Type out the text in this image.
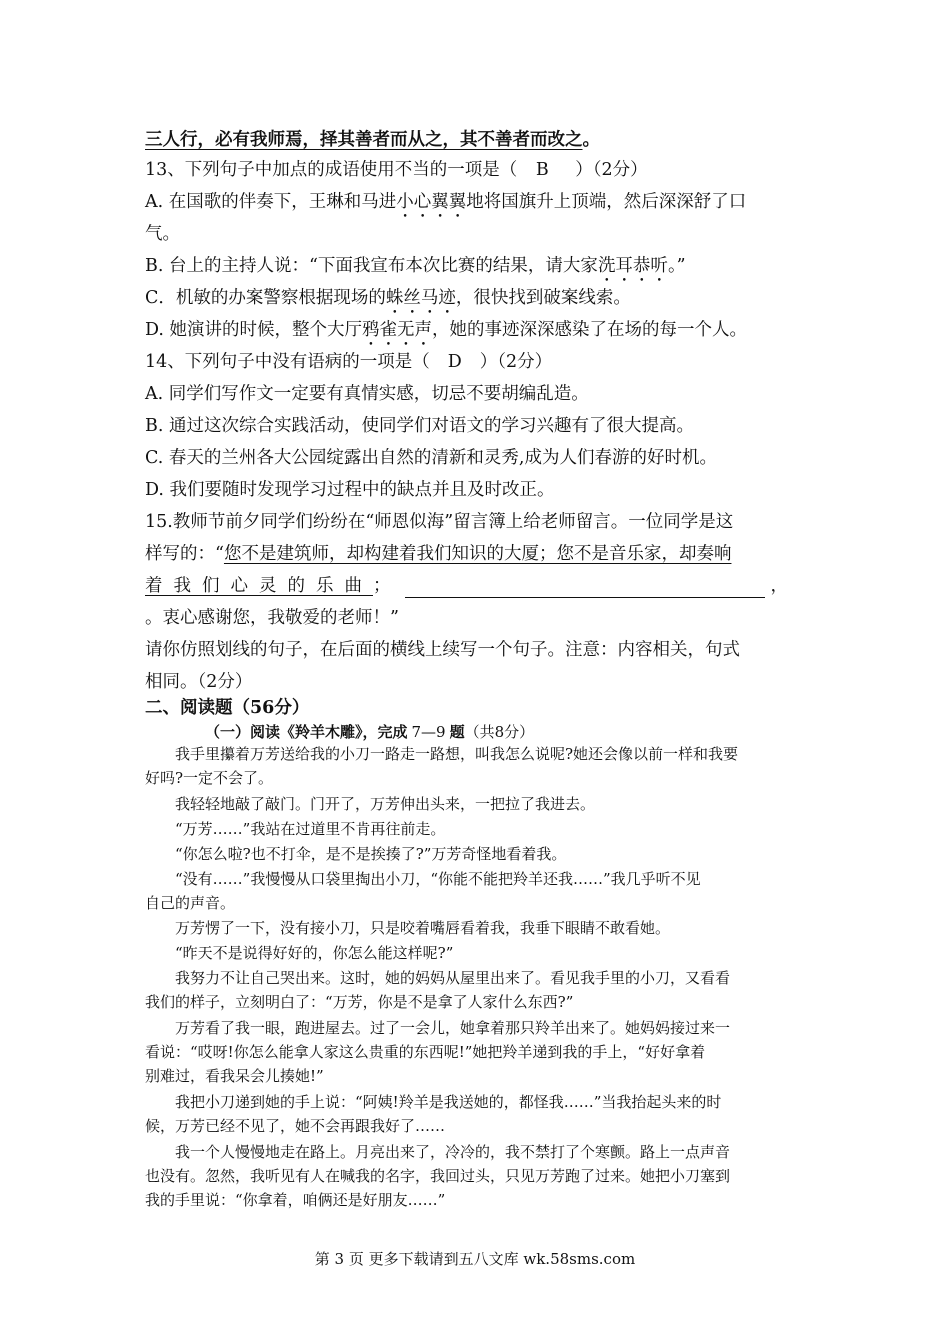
三人行，必有我师焉，择其善者而从之，其不善者而改之。
13、下列句子中加点的成语使用不当的一项是（ B ）（2分）
A. 在国歌的伴奏下，王琳和马进小心翼翼地将国旗升上顶端，然后深深舒了口
气。
B. 台上的主持人说：“下面我宣布本次比赛的结果，请大家洗耳恭听。”
C．机敏的办案警察根据现场的蛛丝马迹，很快找到破案线索。
D. 她演讲的时候，整个大厅鸦雀无声，她的事迹深深感染了在场的每一个人。
14、下列句子中没有语病的一项是（ D ）（2分）
A. 同学们写作文一定要有真情实感，切忌不要胡编乱造。
B. 通过这次综合实践活动，使同学们对语文的学习兴趣有了很大提高。
C. 春天的兰州各大公园绽露出自然的清新和灵秀,成为人们春游的好时机。
D. 我们要随时发现学习过程中的缺点并且及时改正。
15.教师节前夕同学们纷纷在“师恩似海”留言簿上给老师留言。一位同学是这
样写的：“您不是建筑师，却构建着我们知识的大厦；您不是音乐家，却奏响
着我们心灵的乐曲；	，
。衷心感谢您，我敬爱的老师！”
请你仿照划线的句子，在后面的横线上续写一个句子。注意：内容相关，句式
相同。（2分）
二、阅读题（56分）
（一）阅读《羚羊木雕》，完成 7—9 题（共8分）
我手里攥着万芳送给我的小刀一路走一路想，叫我怎么说呢?她还会像以前一样和我要
好吗?一定不会了。
我轻轻地敲了敲门。门开了，万芳伸出头来，一把拉了我进去。
“万芳……”我站在过道里不肯再往前走。
“你怎么啦?也不打伞，是不是挨揍了?”万芳奇怪地看着我。
“没有……”我慢慢从口袋里掏出小刀，“你能不能把羚羊还我……”我几乎听不见
自己的声音。
万芳愣了一下，没有接小刀，只是咬着嘴唇看着我，我垂下眼睛不敢看她。
“昨天不是说得好好的，你怎么能这样呢?”
我努力不让自己哭出来。这时，她的妈妈从屋里出来了。看见我手里的小刀，又看看
我们的样子，立刻明白了：“万芳，你是不是拿了人家什么东西?”
万芳看了我一眼，跑进屋去。过了一会儿，她拿着那只羚羊出来了。她妈妈接过来一
看说：“哎呀!你怎么能拿人家这么贵重的东西呢!”她把羚羊递到我的手上，“好好拿着
别难过，看我呆会儿揍她!”
我把小刀递到她的手上说：“阿姨!羚羊是我送她的，都怪我……”当我抬起头来的时
候，万芳已经不见了，她不会再跟我好了……
我一个人慢慢地走在路上。月亮出来了，冷冷的，我不禁打了个寒颤。路上一点声音
也没有。忽然，我听见有人在喊我的名字，我回过头，只见万芳跑了过来。她把小刀塞到
我的手里说：“你拿着，咱俩还是好朋友……”
第 3 页 更多下载请到五八文库 wk.58sms.com
